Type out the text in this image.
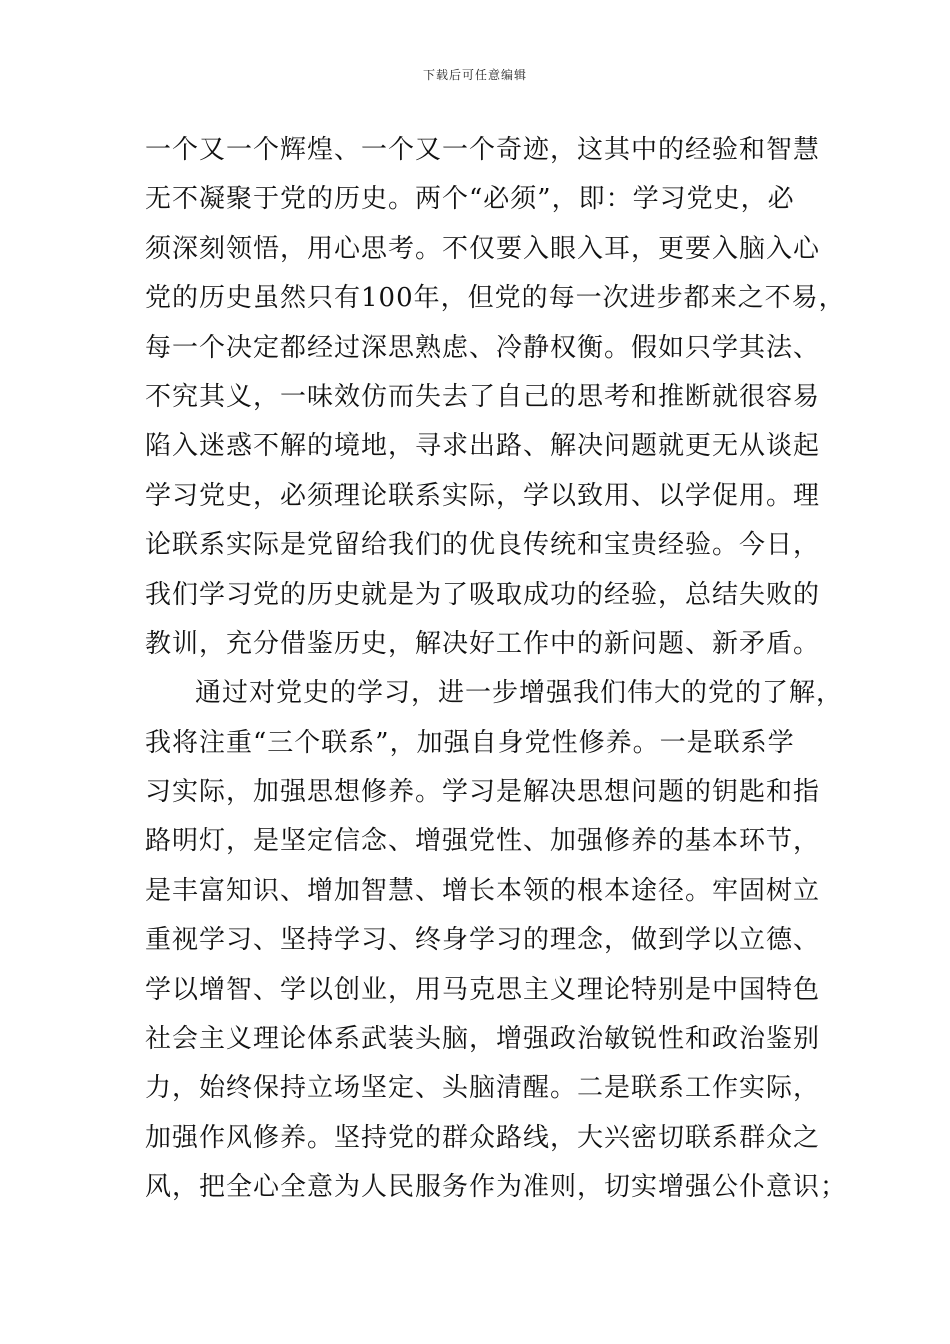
下载后可任意编辑
一个又一个辉煌、一个又一个奇迹，这其中的经验和智慧
无不凝聚于党的历史。两个“必须”，即：学习党史，必
须深刻领悟，用心思考。不仅要入眼入耳，更要入脑入心
党的历史虽然只有100年，但党的每一次进步都来之不易，
每一个决定都经过深思熟虑、冷静权衡。假如只学其法、
不究其义，一味效仿而失去了自己的思考和推断就很容易
陷入迷惑不解的境地，寻求出路、解决问题就更无从谈起
学习党史，必须理论联系实际，学以致用、以学促用。理
论联系实际是党留给我们的优良传统和宝贵经验。今日，
我们学习党的历史就是为了吸取成功的经验，总结失败的
教训，充分借鉴历史，解决好工作中的新问题、新矛盾。
通过对党史的学习，进一步增强我们伟大的党的了解，
我将注重“三个联系”，加强自身党性修养。一是联系学
习实际，加强思想修养。学习是解决思想问题的钥匙和指
路明灯，是坚定信念、增强党性、加强修养的基本环节，
是丰富知识、增加智慧、增长本领的根本途径。牢固树立
重视学习、坚持学习、终身学习的理念，做到学以立德、
学以增智、学以创业，用马克思主义理论特别是中国特色
社会主义理论体系武装头脑，增强政治敏锐性和政治鉴别
力，始终保持立场坚定、头脑清醒。二是联系工作实际，
加强作风修养。坚持党的群众路线，大兴密切联系群众之
风，把全心全意为人民服务作为准则，切实增强公仆意识；
